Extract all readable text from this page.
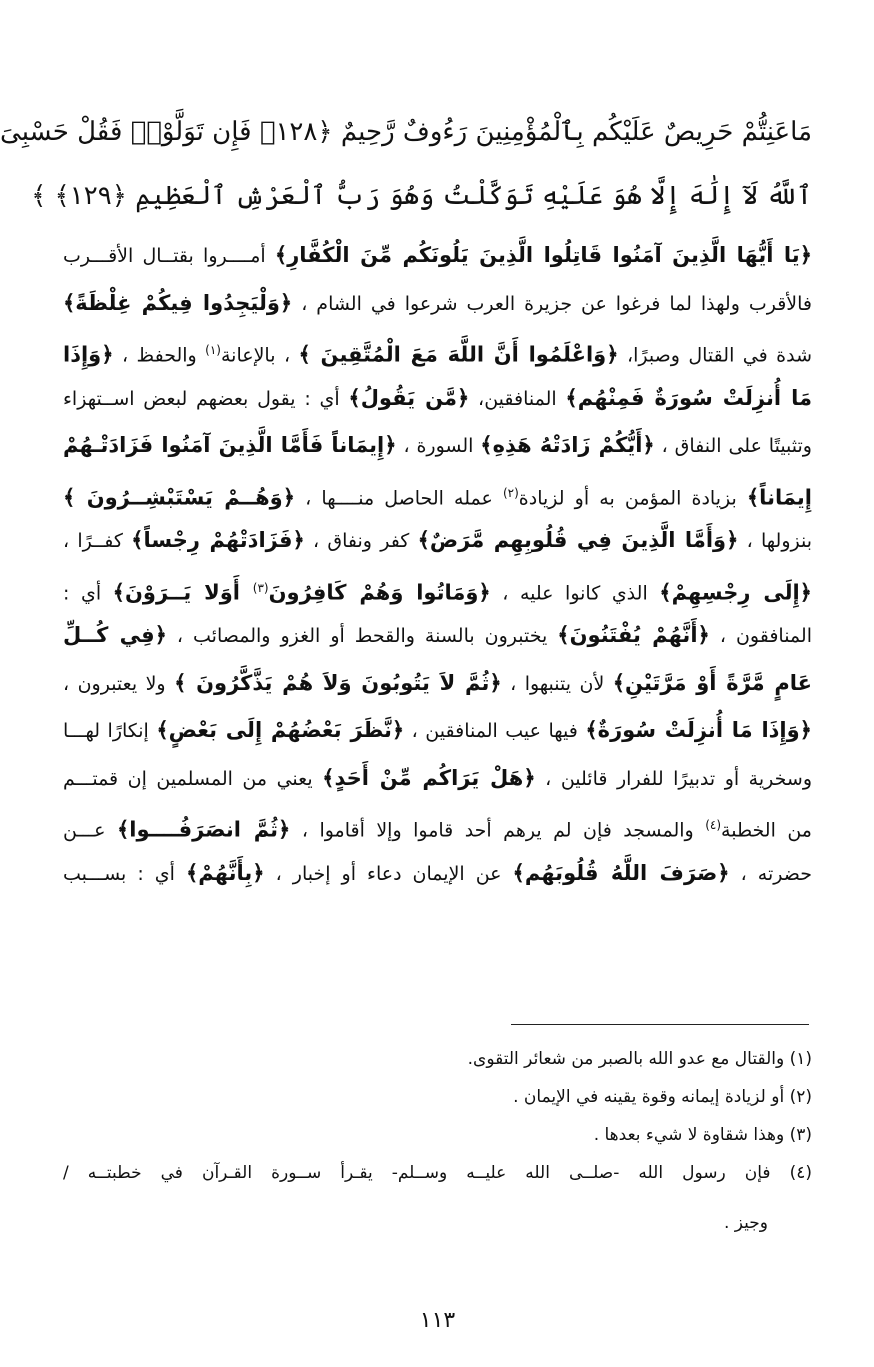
مَاعَنِتُّمْ حَرِيصٌ عَلَيْكُم بِٱلْمُؤْمِنِينَ رَءُوفٌ رَّحِيمٌ ﴿١٢٨﴾ فَإِن تَوَلَّوْا۟ فَقُلْ حَسْبِىَ
ٱللَّهُ لَآ إِلَٰهَ إِلَّا هُوَ عَلَيْهِ تَوَكَّلْتُ وَهُوَ رَبُّ ٱلْعَرْشِ ٱلْعَظِيمِ ﴿١٢٩﴾ ﴾
﴿يَا أَيُّهَا الَّذِينَ آمَنُوا قَاتِلُوا الَّذِينَ يَلُونَكُم مِّنَ الْكُفَّارِ﴾ أمــــروا بقتــال الأقـــرب
فالأقرب ولهذا لما فرغوا عن جزيرة العرب شرعوا في الشام ، ﴿وَلْيَجِدُوا فِيكُمْ غِلْظَةً﴾
شدة في القتال وصبرًا، ﴿وَاعْلَمُوا أَنَّ اللَّهَ مَعَ الْمُتَّقِينَ ﴾ ، بالإعانة$^{(١)}$ والحفظ ، ﴿وَإِذَا
مَا أُنزِلَتْ سُورَةٌ فَمِنْهُم﴾ المنافقين، ﴿مَّن يَقُولُ﴾ أي : يقول بعضهم لبعض اســتهزاء
وتثبيتًا على النفاق ، ﴿أَيُّكُمْ زَادَتْهُ هَذِهِ﴾ السورة ، ﴿إِيمَاناً فَأَمَّا الَّذِينَ آمَنُوا فَزَادَتْـهُمْ
إِيمَاناً﴾ بزيادة المؤمن به أو لزيادة$^{(٢)}$ عمله الحاصل منــــها ، ﴿وَهُــمْ يَسْتَبْشِــرُونَ ﴾
بنزولها ، ﴿وَأَمَّا الَّذِينَ فِي قُلُوبِهِم مَّرَضٌ﴾ كفر ونفاق ، ﴿فَزَادَتْهُمْ رِجْساً﴾ كفــرًا ،
﴿إِلَى رِجْسِهِمْ﴾ الذي كانوا عليه ، ﴿وَمَاتُوا وَهُمْ كَافِرُونَ$^{(٣)}$ أَوَلا يَــرَوْنَ﴾ أي :
المنافقون ، ﴿أَنَّهُمْ يُفْتَنُونَ﴾ يختبرون بالسنة والقحط أو الغزو والمصائب ، ﴿فِي كُــلِّ
عَامٍ مَّرَّةً أَوْ مَرَّتَيْنِ﴾ لأن يتنبهوا ، ﴿ثُمَّ لاَ يَتُوبُونَ وَلاَ هُمْ يَذَّكَّرُونَ ﴾ ولا يعتبرون ،
﴿وَإِذَا مَا أُنزِلَتْ سُورَةٌ﴾ فيها عيب المنافقين ، ﴿نَّظَرَ بَعْضُهُمْ إِلَى بَعْضٍ﴾ إنكارًا لهـــا
وسخرية أو تدبيرًا للفرار قائلين ، ﴿هَلْ يَرَاكُم مِّنْ أَحَدٍ﴾ يعني من المسلمين إن قمتـــم
من الخطبة$^{(٤)}$ والمسجد فإن لم يرهم أحد قاموا وإلا أقاموا ، ﴿ثُمَّ انصَرَفُــــوا﴾ عـــن
حضرته ، ﴿صَرَفَ اللَّهُ قُلُوبَهُم﴾ عن الإيمان دعاء أو إخبار ، ﴿بِأَنَّهُمْ﴾ أي : بســـبب
(١) والقتال مع عدو الله بالصبر من شعائر التقوى.
(٢) أو لزيادة إيمانه وقوة يقينه في الإيمان .
(٣) وهذا شقاوة لا شيء بعدها .
(٤) فإن رسول الله -صلــى الله عليــه وســلم- يقـرأ ســورة القـرآن في خطبتــه /
وجيز .
١١٣
